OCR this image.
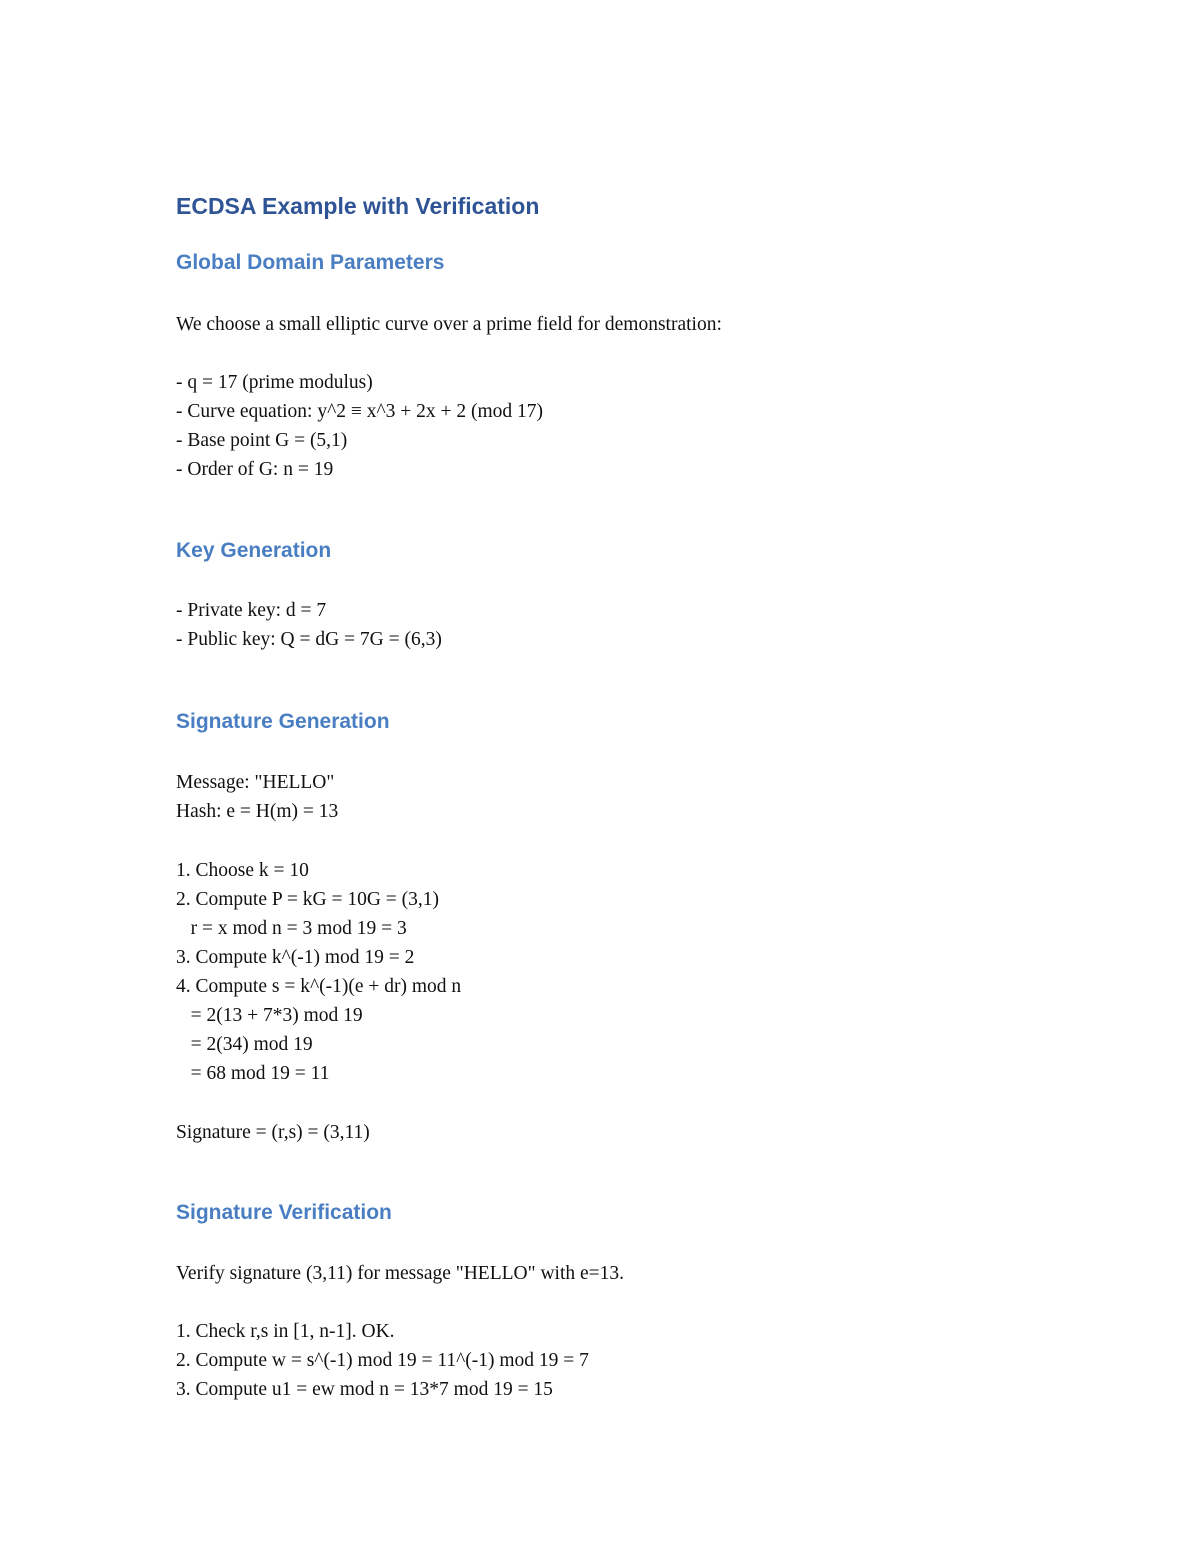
ECDSA Example with Verification
Global Domain Parameters
We choose a small elliptic curve over a prime field for demonstration:
- q = 17 (prime modulus)
- Curve equation: y^2 ≡ x^3 + 2x + 2 (mod 17)
- Base point G = (5,1)
- Order of G: n = 19
Key Generation
- Private key: d = 7
- Public key: Q = dG = 7G = (6,3)
Signature Generation
Message: "HELLO"
Hash: e = H(m) = 13
1. Choose k = 10
2. Compute P = kG = 10G = (3,1)
r = x mod n = 3 mod 19 = 3
3. Compute k^(-1) mod 19 = 2
4. Compute s = k^(-1)(e + dr) mod n
= 2(13 + 7*3) mod 19
= 2(34) mod 19
= 68 mod 19 = 11
Signature = (r,s) = (3,11)
Signature Verification
Verify signature (3,11) for message "HELLO" with e=13.
1. Check r,s in [1, n-1]. OK.
2. Compute w = s^(-1) mod 19 = 11^(-1) mod 19 = 7
3. Compute u1 = ew mod n = 13*7 mod 19 = 15
